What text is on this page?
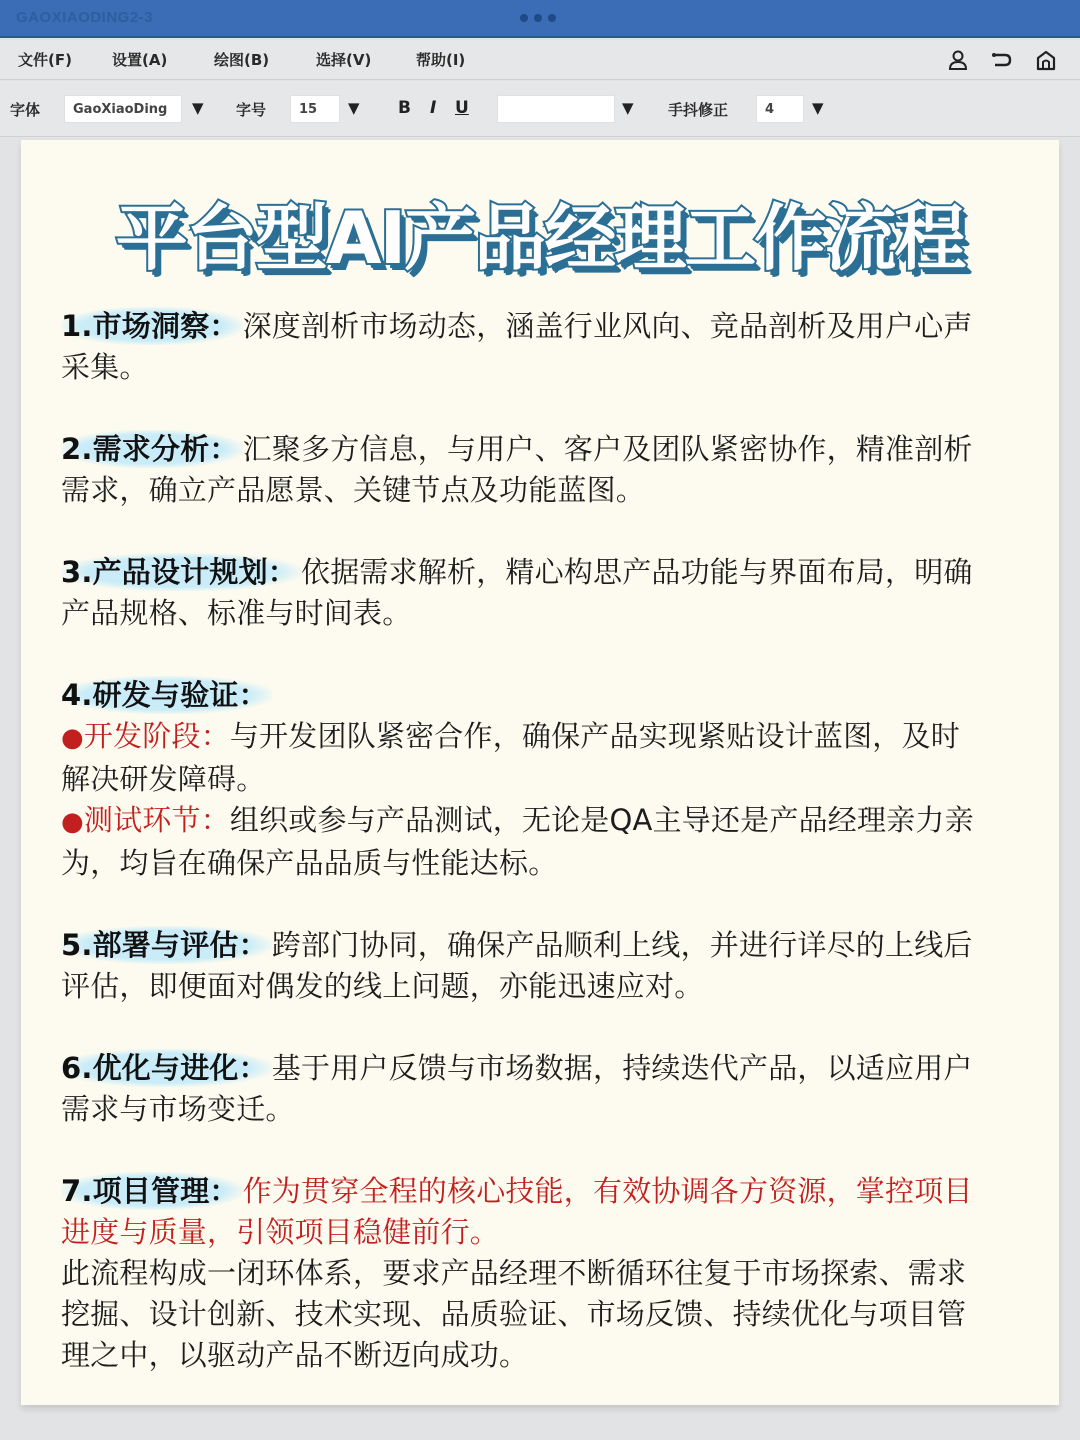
GAOXIAODING2-3
文件(F)	设置(A)	绘图(B)	选择(V)	帮助(I)
字体	GaoXiaoDing	▼ 字号	15	▼ B I U	▼ 手抖修正	4	▼
平台型AI产品经理工作流程
1.市场洞察： 深度剖析市场动态，涵盖行业风向、竞品剖析及用户心声
采集。
2.需求分析： 汇聚多方信息，与用户、客户及团队紧密协作，精准剖析
需求，确立产品愿景、关键节点及功能蓝图。
3.产品设计规划： 依据需求解析，精心构思产品功能与界面布局，明确
产品规格、标准与时间表。
4.研发与验证：
●开发阶段：与开发团队紧密合作，确保产品实现紧贴设计蓝图，及时
解决研发障碍。
●测试环节：组织或参与产品测试，无论是QA主导还是产品经理亲力亲
为，均旨在确保产品品质与性能达标。
5.部署与评估： 跨部门协同，确保产品顺利上线，并进行详尽的上线后
评估，即便面对偶发的线上问题，亦能迅速应对。
6.优化与进化： 基于用户反馈与市场数据，持续迭代产品，以适应用户
需求与市场变迁。
7.项目管理： 作为贯穿全程的核心技能，有效协调各方资源，掌控项目
进度与质量，引领项目稳健前行。
此流程构成一闭环体系，要求产品经理不断循环往复于市场探索、需求
挖掘、设计创新、技术实现、品质验证、市场反馈、持续优化与项目管
理之中，以驱动产品不断迈向成功。
